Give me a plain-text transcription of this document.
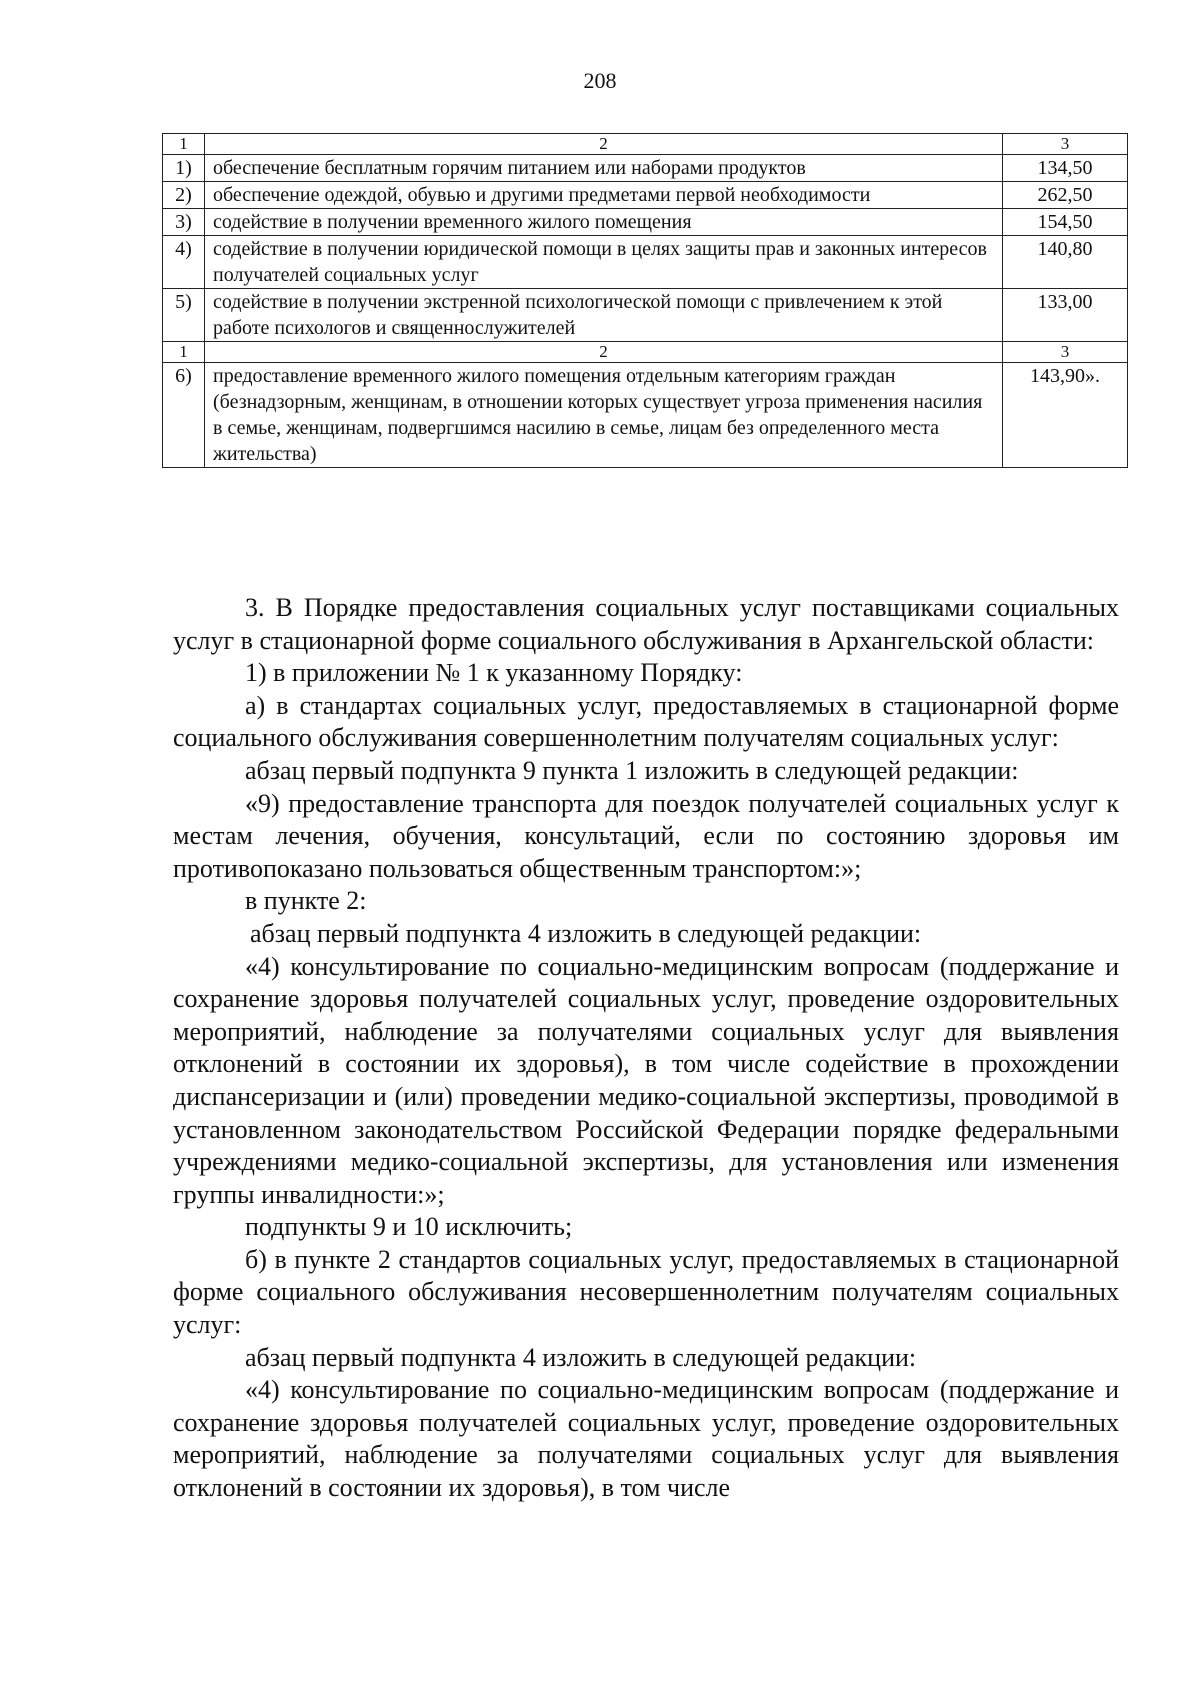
208
1	2	3
1)	обеспечение бесплатным горячим питанием или наборами продуктов	134,50
2)	обеспечение одеждой, обувью и другими предметами первой необходимости	262,50
3)	содействие в получении временного жилого помещения	154,50
4)	содействие в получении юридической помощи в целях защиты прав и законных интересов получателей социальных услуг	140,80
5)	содействие в получении экстренной психологической помощи с привлечением к этой работе психологов и священнослужителей	133,00
1	2	3
6)	предоставление временного жилого помещения отдельным категориям граждан (безнадзорным, женщинам, в отношении которых существует угроза применения насилия в семье, женщинам, подвергшимся насилию в семье, лицам без определенного места жительства)	143,90».

3. В Порядке предоставления социальных услуг поставщиками социальных услуг в стационарной форме социального обслуживания в Архангельской области:

1) в приложении № 1 к указанному Порядку:

а) в стандартах социальных услуг, предоставляемых в стационарной форме социального обслуживания совершеннолетним получателям социальных услуг:

абзац первый подпункта 9 пункта 1 изложить в следующей редакции:

«9) предоставление транспорта для поездок получателей социальных услуг к местам лечения, обучения, консультаций, если по состоянию здоровья им противопоказано пользоваться общественным транспортом:»;

в пункте 2:

абзац первый подпункта 4 изложить в следующей редакции:

«4) консультирование по социально-медицинским вопросам (поддержание и сохранение здоровья получателей социальных услуг, проведение оздоровительных мероприятий, наблюдение за получателями социальных услуг для выявления отклонений в состоянии их здоровья), в том числе содействие в прохождении диспансеризации и (или) проведении медико-социальной экспертизы, проводимой в установленном законодательством Российской Федерации порядке федеральными учреждениями медико-социальной экспертизы, для установления или изменения группы инвалидности:»;

подпункты 9 и 10 исключить;

б) в пункте 2 стандартов социальных услуг, предоставляемых в стационарной форме социального обслуживания несовершеннолетним получателям социальных услуг:

абзац первый подпункта 4 изложить в следующей редакции:

«4) консультирование по социально-медицинским вопросам (поддержание и сохранение здоровья получателей социальных услуг, проведение оздоровительных мероприятий, наблюдение за получателями социальных услуг для выявления отклонений в состоянии их здоровья), в том числе
